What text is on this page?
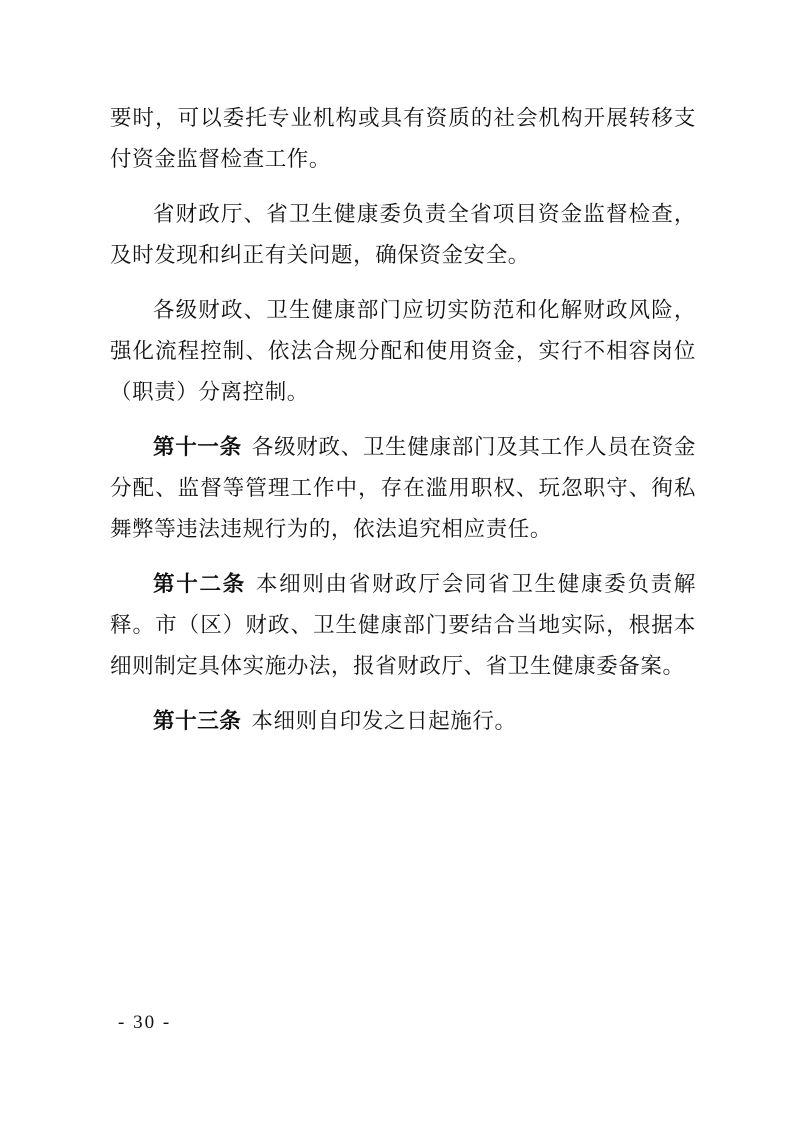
要时，可以委托专业机构或具有资质的社会机构开展转移支付资金监督检查工作。

省财政厅、省卫生健康委负责全省项目资金监督检查，及时发现和纠正有关问题，确保资金安全。

各级财政、卫生健康部门应切实防范和化解财政风险，强化流程控制、依法合规分配和使用资金，实行不相容岗位（职责）分离控制。

第十一条 各级财政、卫生健康部门及其工作人员在资金分配、监督等管理工作中，存在滥用职权、玩忽职守、徇私舞弊等违法违规行为的，依法追究相应责任。

第十二条 本细则由省财政厅会同省卫生健康委负责解释。市（区）财政、卫生健康部门要结合当地实际，根据本细则制定具体实施办法，报省财政厅、省卫生健康委备案。

第十三条 本细则自印发之日起施行。

- 30 -
